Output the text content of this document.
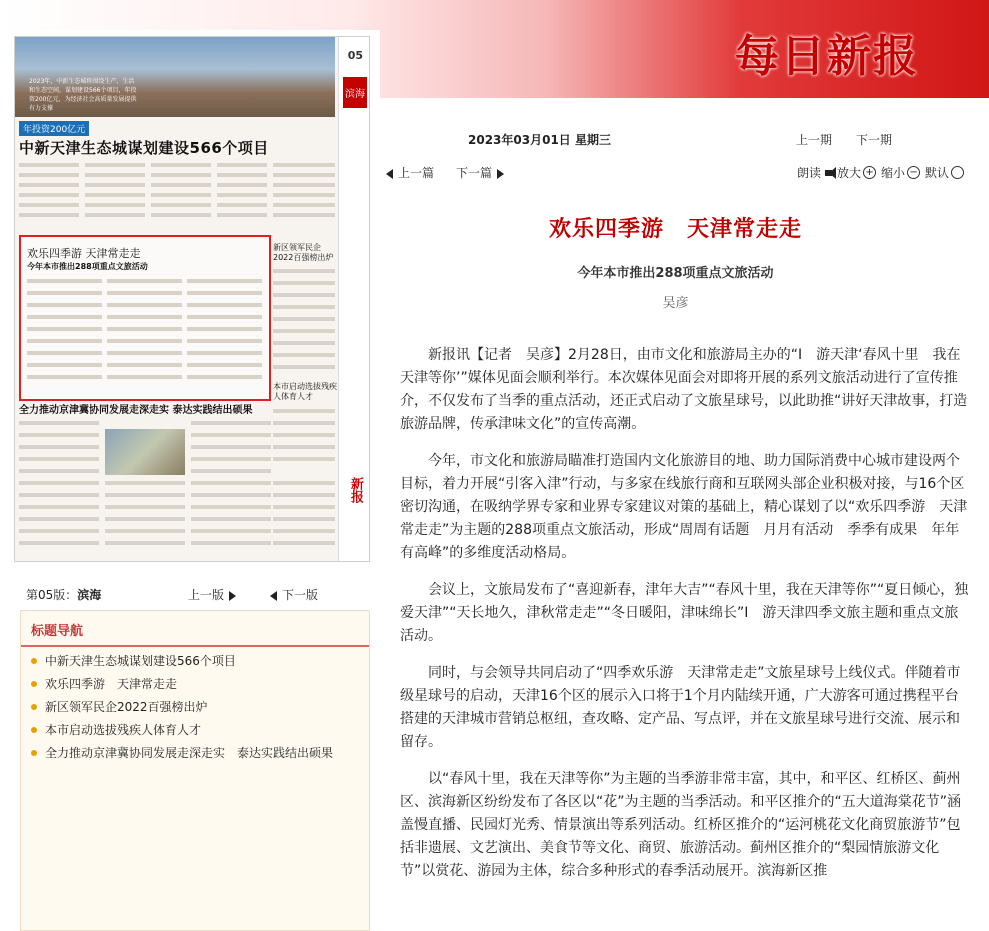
每日新报
2023年，中新生态城将围绕生产、生活和生态空间，谋划建设566个项目，年投资200亿元，为经济社会高质量发展提供有力支撑
年投资200亿元
中新天津生态城谋划建设566个项目
欢乐四季游 天津常走走
今年本市推出288项重点文旅活动
新区领军民企2022百强榜出炉
本市启动选拔残疾人体育人才
全力推动京津冀协同发展走深走实 泰达实践结出硕果
05
滨海
新报
第05版：滨海	上一版	下一版
标题导航
中新天津生态城谋划建设566个项目
欢乐四季游　天津常走走
新区领军民企2022百强榜出炉
本市启动选拔残疾人体育人才
全力推动京津冀协同发展走深走实　泰达实践结出硕果
2023年03月01日 星期三	上一期 下一期
上一篇 下一篇	朗读 放大 + 缩小 − 默认
欢乐四季游　天津常走走
今年本市推出288项重点文旅活动
吴彦

新报讯【记者　吴彦】2月28日，由市文化和旅游局主办的“I　游天津‘春风十里　我在天津等你’”媒体见面会顺利举行。本次媒体见面会对即将开展的系列文旅活动进行了宣传推介，不仅发布了当季的重点活动，还正式启动了文旅星球号，以此助推“讲好天津故事，打造旅游品牌，传承津味文化”的宣传高潮。

今年，市文化和旅游局瞄准打造国内文化旅游目的地、助力国际消费中心城市建设两个目标，着力开展“引客入津”行动，与多家在线旅行商和互联网头部企业积极对接，与16个区密切沟通，在吸纳学界专家和业界专家建议对策的基础上，精心谋划了以“欢乐四季游　天津常走走”为主题的288项重点文旅活动，形成“周周有话题　月月有活动　季季有成果　年年有高峰”的多维度活动格局。

会议上，文旅局发布了“喜迎新春，津年大吉”“春风十里，我在天津等你”“夏日倾心，独爱天津”“天长地久，津秋常走走”“冬日暖阳，津味绵长”I　游天津四季文旅主题和重点文旅活动。

同时，与会领导共同启动了“四季欢乐游　天津常走走”文旅星球号上线仪式。伴随着市级星球号的启动，天津16个区的展示入口将于1个月内陆续开通，广大游客可通过携程平台搭建的天津城市营销总枢纽，查攻略、定产品、写点评，并在文旅星球号进行交流、展示和留存。

以“春风十里，我在天津等你”为主题的当季游非常丰富，其中，和平区、红桥区、蓟州区、滨海新区纷纷发布了各区以“花”为主题的当季活动。和平区推介的“五大道海棠花节”涵盖慢直播、民园灯光秀、情景演出等系列活动。红桥区推介的“运河桃花文化商贸旅游节”包括非遗展、文艺演出、美食节等文化、商贸、旅游活动。蓟州区推介的“梨园情旅游文化节”以赏花、游园为主体，综合多种形式的春季活动展开。滨海新区推
